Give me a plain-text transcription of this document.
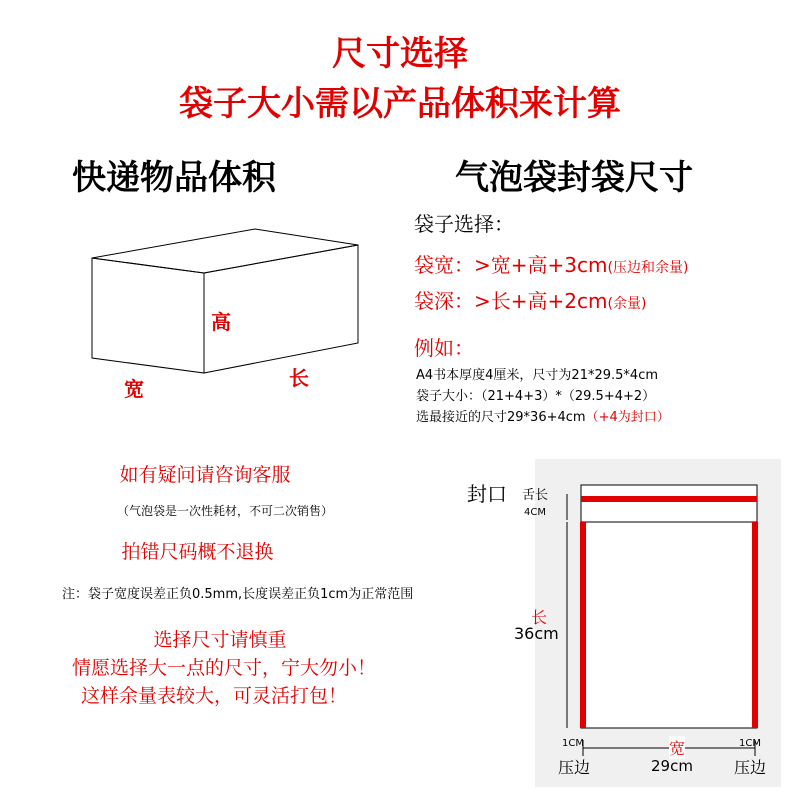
尺寸选择
袋子大小需以产品体积来计算
快递物品体积	气泡袋封袋尺寸
高
宽	长
袋子选择：
袋宽：>宽+高+3cm(压边和余量)
袋深：>长+高+2cm(余量)
例如：
A4书本厚度4厘米，尺寸为21*29.5*4cm
袋子大小：（21+4+3）*（29.5+4+2）
选最接近的尺寸29*36+4cm（+4为封口）
如有疑问请咨询客服
（气泡袋是一次性耗材，不可二次销售）
拍错尺码概不退换
注：袋子宽度误差正负0.5mm,长度误差正负1cm为正常范围
选择尺寸请慎重
情愿选择大一点的尺寸，宁大勿小！
这样余量表较大，可灵活打包！
封口 舌长
4CM
长
36cm
1CM
压边
宽
29cm
1CM
压边
